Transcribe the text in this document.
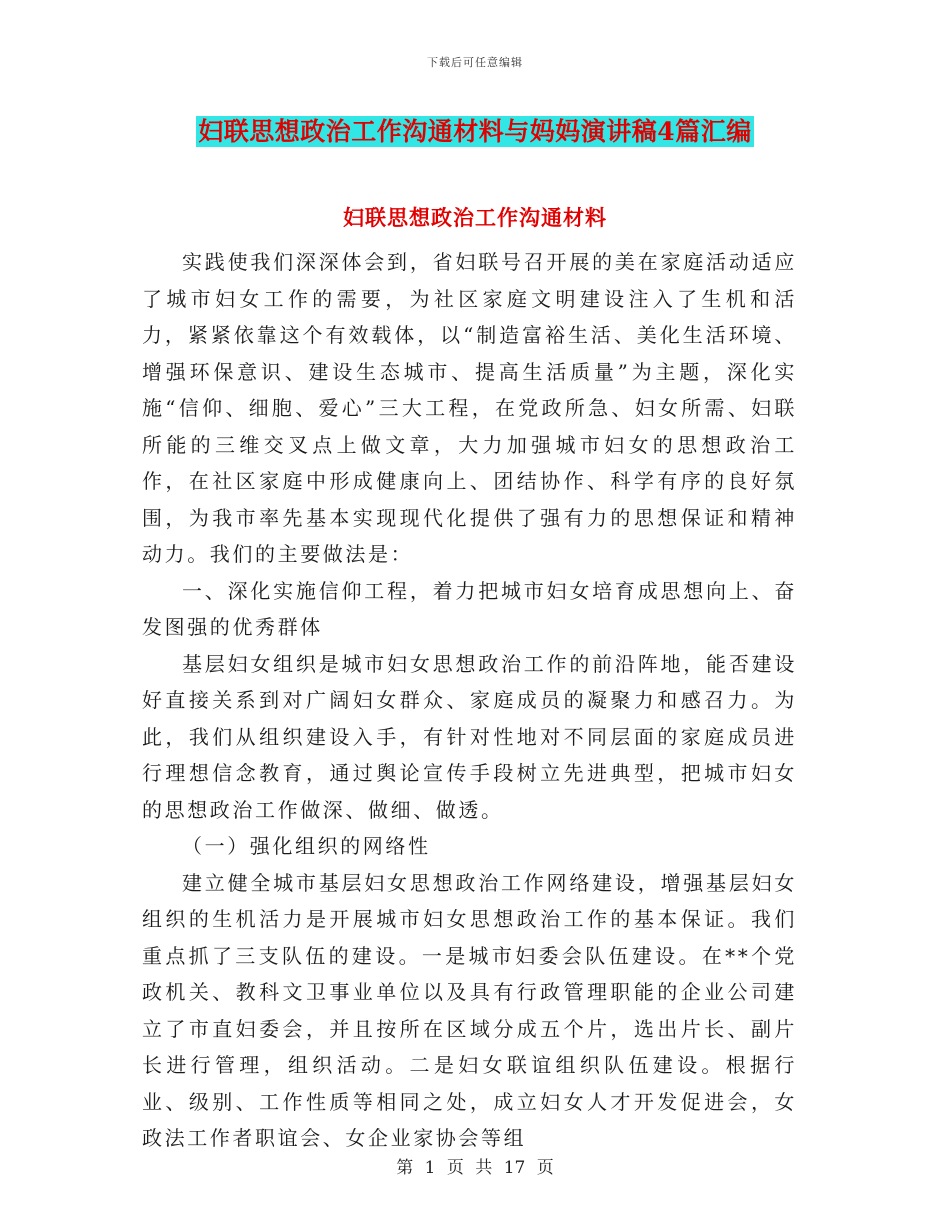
下载后可任意编辑
妇联思想政治工作沟通材料与妈妈演讲稿4篇汇编
妇联思想政治工作沟通材料

实践使我们深深体会到，省妇联号召开展的美在家庭活动适应了城市妇女工作的需要，为社区家庭文明建设注入了生机和活力，紧紧依靠这个有效载体，以“制造富裕生活、美化生活环境、增强环保意识、建设生态城市、提高生活质量”为主题，深化实施“信仰、细胞、爱心”三大工程，在党政所急、妇女所需、妇联所能的三维交叉点上做文章，大力加强城市妇女的思想政治工作，在社区家庭中形成健康向上、团结协作、科学有序的良好氛围，为我市率先基本实现现代化提供了强有力的思想保证和精神动力。我们的主要做法是：

一、深化实施信仰工程，着力把城市妇女培育成思想向上、奋发图强的优秀群体

基层妇女组织是城市妇女思想政治工作的前沿阵地，能否建设好直接关系到对广阔妇女群众、家庭成员的凝聚力和感召力。为此，我们从组织建设入手，有针对性地对不同层面的家庭成员进行理想信念教育，通过舆论宣传手段树立先进典型，把城市妇女的思想政治工作做深、做细、做透。

（一）强化组织的网络性

建立健全城市基层妇女思想政治工作网络建设，增强基层妇女组织的生机活力是开展城市妇女思想政治工作的基本保证。我们重点抓了三支队伍的建设。一是城市妇委会队伍建设。在**个党政机关、教科文卫事业单位以及具有行政管理职能的企业公司建立了市直妇委会，并且按所在区域分成五个片，选出片长、副片长进行管理，组织活动。二是妇女联谊组织队伍建设。根据行业、级别、工作性质等相同之处，成立妇女人才开发促进会，女政法工作者职谊会、女企业家协会等组

第 1 页 共 17 页
